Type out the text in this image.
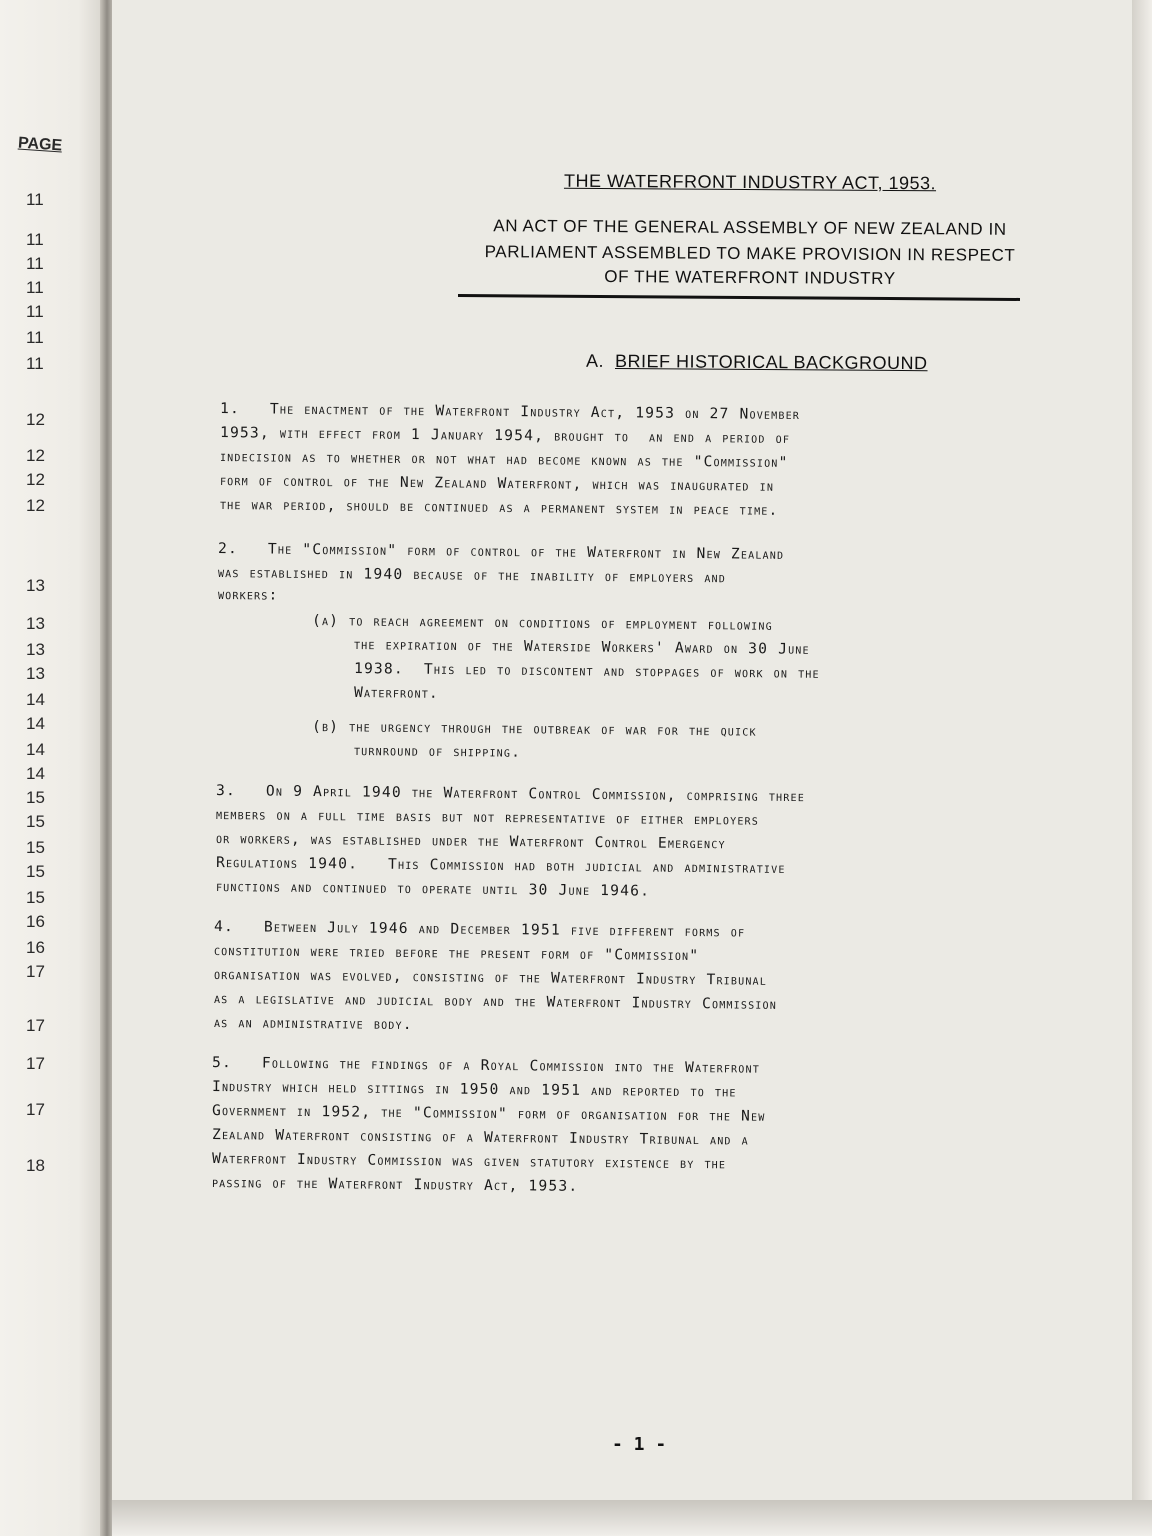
PAGE
11
11
11
11
11
11
11
12
12
12
12
13
13
13
13
14
14
14
14
15
15
15
15
15
16
16
17
17
17
17
18
THE WATERFRONT INDUSTRY ACT, 1953.
AN ACT OF THE GENERAL ASSEMBLY OF NEW ZEALAND IN
PARLIAMENT ASSEMBLED TO MAKE PROVISION IN RESPECT
OF THE WATERFRONT INDUSTRY
A. BRIEF HISTORICAL BACKGROUND
1.   The enactment of the Waterfront Industry Act, 1953 on 27 November
1953, with effect from 1 January 1954, brought to  an end a period of
indecision as to whether or not what had become known as the "Commission"
form of control of the New Zealand Waterfront, which was inaugurated in
the war period, should be continued as a permanent system in peace time.
2.   The "Commission" form of control of the Waterfront in New Zealand
was established in 1940 because of the inability of employers and
workers:
(a) to reach agreement on conditions of employment following
the expiration of the Waterside Workers' Award on 30 June
1938.  This led to discontent and stoppages of work on the
Waterfront.
(b) the urgency through the outbreak of war for the quick
turnround of shipping.
3.   On 9 April 1940 the Waterfront Control Commission, comprising three
members on a full time basis but not representative of either employers
or workers, was established under the Waterfront Control Emergency
Regulations 1940.   This Commission had both judicial and administrative
functions and continued to operate until 30 June 1946.
4.   Between July 1946 and December 1951 five different forms of
constitution were tried before the present form of "Commission"
organisation was evolved, consisting of the Waterfront Industry Tribunal
as a legislative and judicial body and the Waterfront Industry Commission
as an administrative body.
5.   Following the findings of a Royal Commission into the Waterfront
Industry which held sittings in 1950 and 1951 and reported to the
Government in 1952, the "Commission" form of organisation for the New
Zealand Waterfront consisting of a Waterfront Industry Tribunal and a
Waterfront Industry Commission was given statutory existence by the
passing of the Waterfront Industry Act, 1953.
- 1 -
